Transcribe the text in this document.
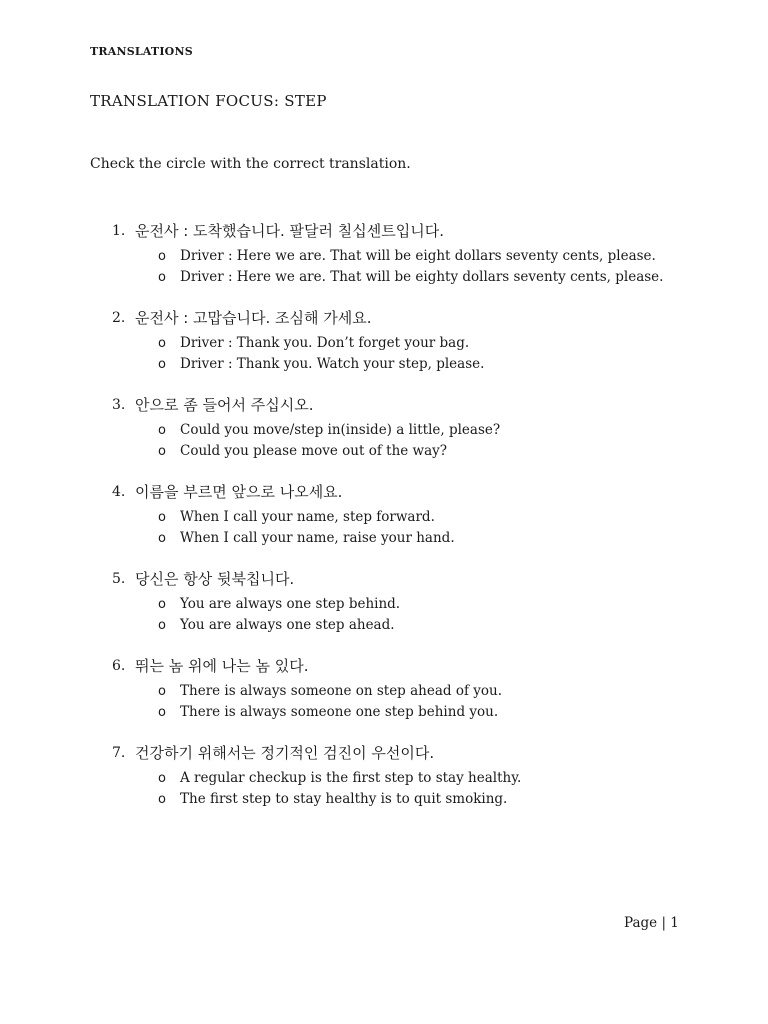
TRANSLATIONS
TRANSLATION FOCUS: STEP
Check the circle with the correct translation.
1. 운전사 : 도착했습니다. 팔달러 칠십센트입니다.
o Driver : Here we are. That will be eight dollars seventy cents, please.
o Driver : Here we are. That will be eighty dollars seventy cents, please.
2. 운전사 : 고맙습니다. 조심해 가세요.
o Driver : Thank you. Don’t forget your bag.
o Driver : Thank you. Watch your step, please.
3. 안으로 좀 들어서 주십시오.
o Could you move/step in(inside) a little, please?
o Could you please move out of the way?
4. 이름을 부르면 앞으로 나오세요.
o When I call your name, step forward.
o When I call your name, raise your hand.
5. 당신은 항상 뒷북칩니다.
o You are always one step behind.
o You are always one step ahead.
6. 뛰는 놈 위에 나는 놈 있다.
o There is always someone on step ahead of you.
o There is always someone one step behind you.
7. 건강하기 위해서는 정기적인 검진이 우선이다.
o A regular checkup is the first step to stay healthy.
o The first step to stay healthy is to quit smoking.
Page | 1
